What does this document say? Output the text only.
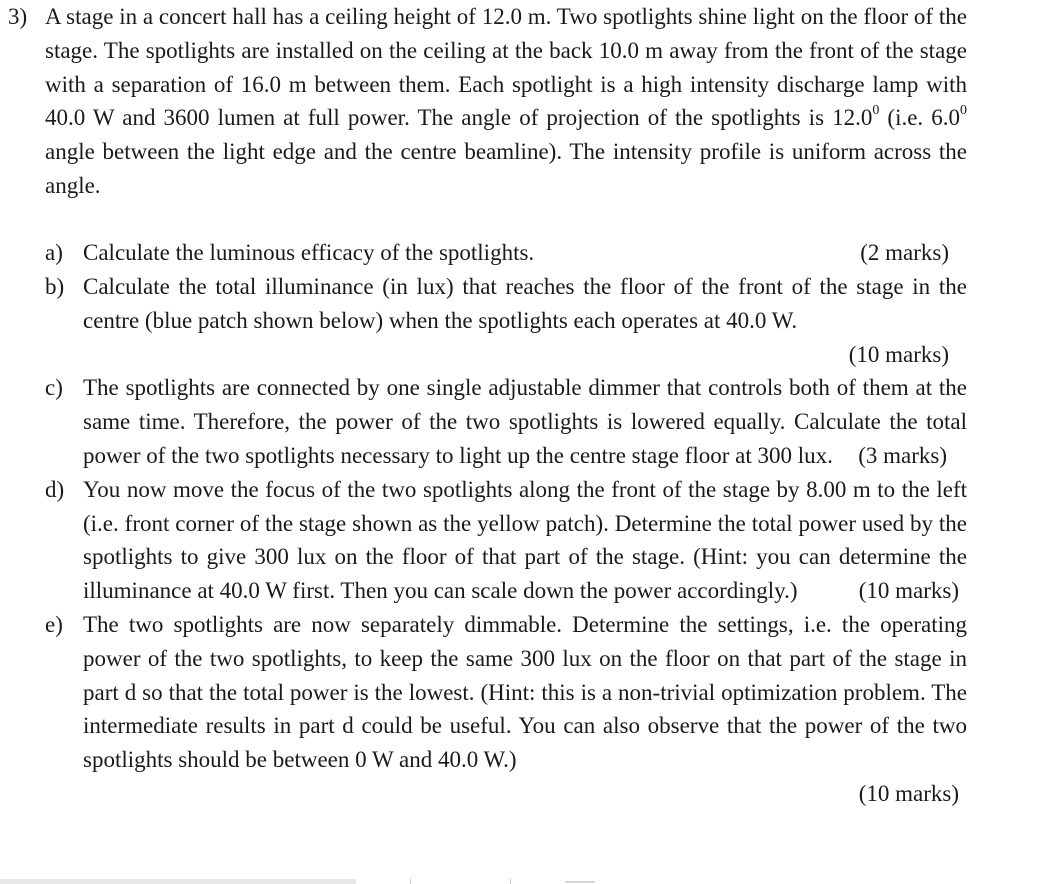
3) A stage in a concert hall has a ceiling height of 12.0 m. Two spotlights shine light on the floor of the stage. The spotlights are installed on the ceiling at the back 10.0 m away from the front of the stage with a separation of 16.0 m between them. Each spotlight is a high intensity discharge lamp with 40.0 W and 3600 lumen at full power. The angle of projection of the spotlights is 12.0$^0$ (i.e. $6.0^0$ angle between the light edge and the centre beamline). The intensity profile is uniform across the angle.
a) Calculate the luminous efficacy of the spotlights.	(2 marks)
b) Calculate the total illuminance (in lux) that reaches the floor of the front of the stage in the centre (blue patch shown below) when the spotlights each operates at 40.0 W.
(10 marks)
c) The spotlights are connected by one single adjustable dimmer that controls both of them at the same time. Therefore, the power of the two spotlights is lowered equally. Calculate the total power of the two spotlights necessary to light up the centre stage floor at 300 lux.	(3 marks)
d) You now move the focus of the two spotlights along the front of the stage by 8.00 m to the left (i.e. front corner of the stage shown as the yellow patch). Determine the total power used by the spotlights to give 300 lux on the floor of that part of the stage. (Hint: you can determine the illuminance at 40.0 W first. Then you can scale down the power accordingly.)	(10 marks)
e) The two spotlights are now separately dimmable. Determine the settings, i.e. the operating power of the two spotlights, to keep the same 300 lux on the floor on that part of the stage in part d so that the total power is the lowest. (Hint: this is a non-trivial optimization problem. The intermediate results in part d could be useful. You can also observe that the power of the two spotlights should be between 0 W and 40.0 W.)
(10 marks)
